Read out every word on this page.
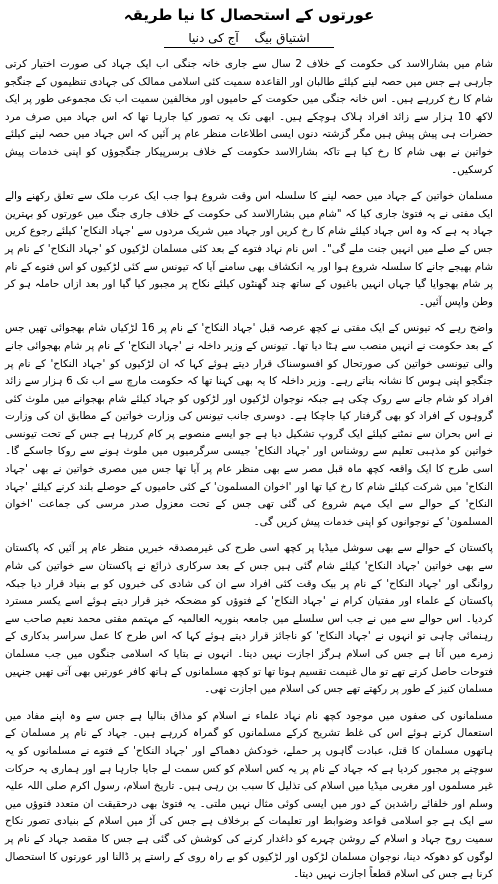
عورتوں کے استحصال کا نیا طریقہ
اشتیاق بیگ آج کی دنیا

شام میں بشارالاسد کی حکومت کے خلاف 2 سال سے جاری خانہ جنگی اب ایک جہاد کی صورت اختیار کرتی جارہی ہے جس میں حصہ لینے کیلئے طالبان اور القاعدہ سمیت کئی اسلامی ممالک کی جہادی تنظیموں کے جنگجو شام کا رخ کررہے ہیں۔ اس خانہ جنگی میں حکومت کے حامیوں اور مخالفین سمیت اب تک مجموعی طور پر ایک لاکھ 10 ہزار سے زائد افراد ہلاک ہوچکے ہیں۔ ابھی تک یہ تصور کیا جارہا تھا کہ اس جہاد میں صرف مرد حضرات ہی پیش پیش ہیں مگر گزشتہ دنوں ایسی اطلاعات منظر عام پر آئیں کہ اس جہاد میں حصہ لینے کیلئے خواتین نے بھی شام کا رخ کیا ہے تاکہ بشارالاسد حکومت کے خلاف برسرپیکار جنگجوؤں کو اپنی خدمات پیش کرسکیں۔

مسلمان خواتین کے جہاد میں حصہ لینے کا سلسلہ اس وقت شروع ہوا جب ایک عرب ملک سے تعلق رکھنے والے ایک مفتی نے یہ فتویٰ جاری کیا کہ "شام میں بشارالاسد کی حکومت کے خلاف جاری جنگ میں عورتوں کو بہترین جہاد یہ ہے کہ وہ اس جہاد کیلئے شام کا رخ کریں اور جہاد میں شریک مردوں سے 'جہاد النکاح' کیلئے رجوع کریں جس کے صلے میں انہیں جنت ملے گی"۔ اس نام نہاد فتوے کے بعد کئی مسلمان لڑکیوں کو 'جہاد النکاح' کے نام پر شام بھیجے جانے کا سلسلہ شروع ہوا اور یہ انکشاف بھی سامنے آیا کہ تیونس سے کئی لڑکیوں کو اس فتوے کے نام پر شام بھجوایا گیا جہاں انہیں باغیوں کے ساتھ چند گھنٹوں کیلئے نکاح پر مجبور کیا گیا اور بعد ازاں حاملہ ہو کر وطن واپس آئیں۔

واضح رہے کہ تیونس کے ایک مفتی نے کچھ عرصہ قبل 'جہاد النکاح' کے نام پر 16 لڑکیاں شام بھجوائی تھیں جس کے بعد حکومت نے انہیں منصب سے ہٹا دیا تھا۔ تیونس کے وزیر داخلہ نے 'جہاد النکاح' کے نام پر شام بھجوائی جانے والی تیونسی خواتین کی صورتحال کو افسوسناک قرار دیتے ہوئے کہا کہ ان لڑکیوں کو 'جہاد النکاح' کے نام پر جنگجو اپنی ہوس کا نشانہ بناتے رہے۔ وزیر داخلہ کا یہ بھی کہنا تھا کہ حکومت مارچ سے اب تک 6 ہزار سے زائد افراد کو شام جانے سے روک چکی ہے جبکہ نوجوان لڑکیوں اور لڑکوں کو جہاد کیلئے شام بھجوانے میں ملوث کئی گروہوں کے افراد کو بھی گرفتار کیا جاچکا ہے۔ دوسری جانب تیونس کی وزارت خواتین کے مطابق ان کی وزارت نے اس بحران سے نمٹنے کیلئے ایک گروپ تشکیل دیا ہے جو ایسے منصوبے پر کام کررہا ہے جس کے تحت تیونسی خواتین کو مذہبی تعلیم سے روشناس اور 'جہاد النکاح' جیسی سرگرمیوں میں ملوث ہونے سے روکا جاسکے گا۔ اسی طرح کا ایک واقعہ کچھ ماہ قبل مصر سے بھی منظر عام پر آیا تھا جس میں مصری خواتین نے بھی 'جہاد النکاح' میں شرکت کیلئے شام کا رخ کیا تھا اور 'اخوان المسلمون' کے کئی حامیوں کے حوصلے بلند کرنے کیلئے 'جہاد النکاح' کے حوالے سے ایک مہم شروع کی گئی تھی جس کے تحت معزول صدر مرسی کی جماعت 'اخوان المسلمون' کے نوجوانوں کو اپنی خدمات پیش کریں گی۔

پاکستان کے حوالے سے بھی سوشل میڈیا پر کچھ اسی طرح کی غیرمصدقہ خبریں منظر عام پر آئیں کہ پاکستان سے بھی خواتین 'جہاد النکاح' کیلئے شام گئی ہیں جس کے بعد سرکاری ذرائع نے پاکستان سے خواتین کی شام روانگی اور 'جہاد النکاح' کے نام پر بیک وقت کئی افراد سے ان کی شادی کی خبروں کو بے بنیاد قرار دیا جبکہ پاکستان کے علماء اور مفتیان کرام نے 'جہاد النکاح' کے فتوؤں کو مضحکہ خیز قرار دیتے ہوئے اسے یکسر مسترد کردیا۔ اس حوالے سے میں نے جب اس سلسلے میں جامعہ بنوریہ العالمیہ کے مہتمم مفتی محمد نعیم صاحب سے رہنمائی چاہی تو انہوں نے 'جہاد النکاح' کو ناجائز قرار دیتے ہوئے کہا کہ اس طرح کا عمل سراسر بدکاری کے زمرے میں آتا ہے جس کی اسلام ہرگز اجازت نہیں دیتا۔ انہوں نے بتایا کہ اسلامی جنگوں میں جب مسلمان فتوحات حاصل کرتے تھے تو مال غنیمت تقسیم ہوتا تھا تو کچھ مسلمانوں کے ہاتھ کافر عورتیں بھی آتی تھیں جنہیں مسلمان کنیز کے طور پر رکھتے تھے جس کی اسلام میں اجازت تھی۔

مسلمانوں کی صفوں میں موجود کچھ نام نہاد علماء نے اسلام کو مذاق بنالیا ہے جس سے وہ اپنے مفاد میں استعمال کرتے ہوئے اس کی غلط تشریح کرکے مسلمانوں کو گمراہ کررہے ہیں۔ جہاد کے نام پر مسلمان کے ہاتھوں مسلمان کا قتل، عبادت گاہوں پر حملے، خودکش دھماکے اور 'جہاد النکاح' کے فتوے نے مسلمانوں کو یہ سوچنے پر مجبور کردیا ہے کہ جہاد کے نام پر یہ کس اسلام کو کس سمت لے جایا جارہا ہے اور ہماری یہ حرکات غیر مسلموں اور مغربی میڈیا میں اسلام کی تذلیل کا سبب بن رہی ہیں۔ تاریخ اسلام، رسول اکرم صلی اللہ علیہ وسلم اور خلفائے راشدین کے دور میں ایسی کوئی مثال نہیں ملتی۔ یہ فتویٰ بھی درحقیقت ان متعدد فتوؤں میں سے ایک ہے جو اسلامی قواعد وضوابط اور تعلیمات کے برخلاف ہے جس کی آڑ میں اسلام کے بنیادی تصور نکاح سمیت روح جہاد و اسلام کے روشن چہرے کو داغدار کرنے کی کوشش کی گئی ہے جس کا مقصد جہاد کے نام پر لوگوں کو دھوکہ دینا، نوجوان مسلمان لڑکوں اور لڑکیوں کو بے راہ روی کے راستے پر ڈالنا اور عورتوں کا استحصال کرنا ہے جس کی اسلام قطعاً اجازت نہیں دیتا۔
